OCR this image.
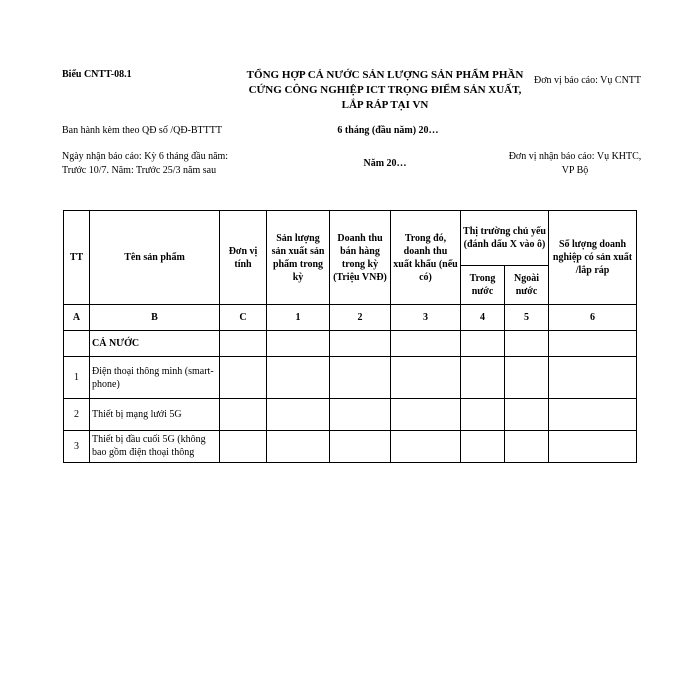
Biểu CNTT-08.1	TỔNG HỢP CẢ NƯỚC SẢN LƯỢNG SẢN PHẨM PHẦN CỨNG CÔNG NGHIỆP ICT TRỌNG ĐIỂM SẢN XUẤT, LẮP RÁP TẠI VN
Đơn vị báo cáo: Vụ CNTT
Ban hành kèm theo QĐ số /QĐ-BTTTT	6 tháng (đầu năm) 20…
Ngày nhận báo cáo: Kỳ 6 tháng đầu năm:
Trước 10/7. Năm: Trước 25/3 năm sau
Năm 20…
Đơn vị nhận báo cáo: Vụ KHTC, VP Bộ
TT	Tên sản phẩm	Đơn vị tính	Sản lượng sản xuất sản phẩm trong kỳ	Doanh thu bán hàng trong kỳ (Triệu VNĐ)	Trong đó, doanh thu xuất khẩu (nếu có)	Thị trường chủ yếu (đánh dấu X vào ô)		Số lượng doanh nghiệp có sản xuất /lắp ráp
						Trong nước	Ngoài nước	
A	B	C	1	2	3	4	5	6
	CẢ NƯỚC							
1	Điện thoại thông minh (smart-phone)							
2	Thiết bị mạng lưới 5G							
3	Thiết bị đầu cuối 5G (không bao gồm điện thoại thông							
